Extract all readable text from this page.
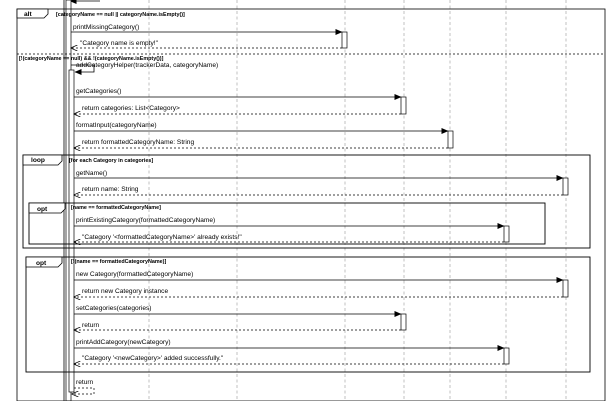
alt	[categoryName == null || categoryName.isEmpty()]
[!(categoryName == null) && !(categoryName.isEmpty())]
printMissingCategory()
"Category name is empty!"
addCategoryHelper(trackerData, categoryName)
getCategories()
return categories: List<Category>
formatInput(categoryName)
return formattedCategoryName: String
loop	[for each Category in categories]
getName()
return name: String
opt	[name == formattedCategoryName]
printExistingCategory(formattedCategoryName)
"Category '<formattedCategoryName>' already exists!"
opt	[!(name == formattedCategoryName)]
new Category(formattedCategoryName)
return new Category instance
setCategories(categories)
return
printAddCategory(newCategory)
"Category '<newCategory>' added successfully."
return
